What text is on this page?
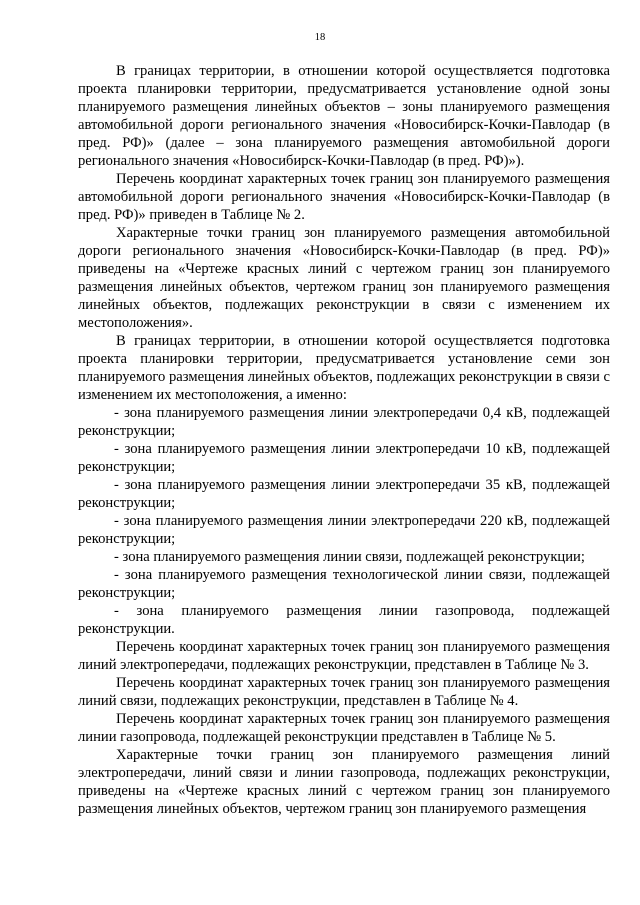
18

В границах территории, в отношении которой осуществляется подготовка проекта планировки территории, предусматривается установление одной зоны планируемого размещения линейных объектов – зоны планируемого размещения автомобильной дороги регионального значения «Новосибирск-Кочки-Павлодар (в пред. РФ)» (далее – зона планируемого размещения автомобильной дороги регионального значения «Новосибирск-Кочки-Павлодар (в пред. РФ)»).

Перечень координат характерных точек границ зон планируемого размещения автомобильной дороги регионального значения «Новосибирск-Кочки-Павлодар (в пред. РФ)» приведен в Таблице № 2.

Характерные точки границ зон планируемого размещения автомобильной дороги регионального значения «Новосибирск-Кочки-Павлодар (в пред. РФ)» приведены на «Чертеже красных линий с чертежом границ зон планируемого размещения линейных объектов, чертежом границ зон планируемого размещения линейных объектов, подлежащих реконструкции в связи с изменением их местоположения».

В границах территории, в отношении которой осуществляется подготовка проекта планировки территории, предусматривается установление семи зон планируемого размещения линейных объектов, подлежащих реконструкции в связи с изменением их местоположения, а именно:

- зона планируемого размещения линии электропередачи 0,4 кВ, подлежащей реконструкции;

- зона планируемого размещения линии электропередачи 10 кВ, подлежащей реконструкции;

- зона планируемого размещения линии электропередачи 35 кВ, подлежащей реконструкции;

- зона планируемого размещения линии электропередачи 220 кВ, подлежащей реконструкции;

- зона планируемого размещения линии связи, подлежащей реконструкции;

- зона планируемого размещения технологической линии связи, подлежащей реконструкции;

- зона планируемого размещения линии газопровода, подлежащей реконструкции.

Перечень координат характерных точек границ зон планируемого размещения линий электропередачи, подлежащих реконструкции, представлен в Таблице № 3.

Перечень координат характерных точек границ зон планируемого размещения линий связи, подлежащих реконструкции, представлен в Таблице № 4.

Перечень координат характерных точек границ зон планируемого размещения линии газопровода, подлежащей реконструкции представлен в Таблице № 5.

Характерные точки границ зон планируемого размещения линий электропередачи, линий связи и линии газопровода, подлежащих реконструкции, приведены на «Чертеже красных линий с чертежом границ зон планируемого размещения линейных объектов, чертежом границ зон планируемого размещения
